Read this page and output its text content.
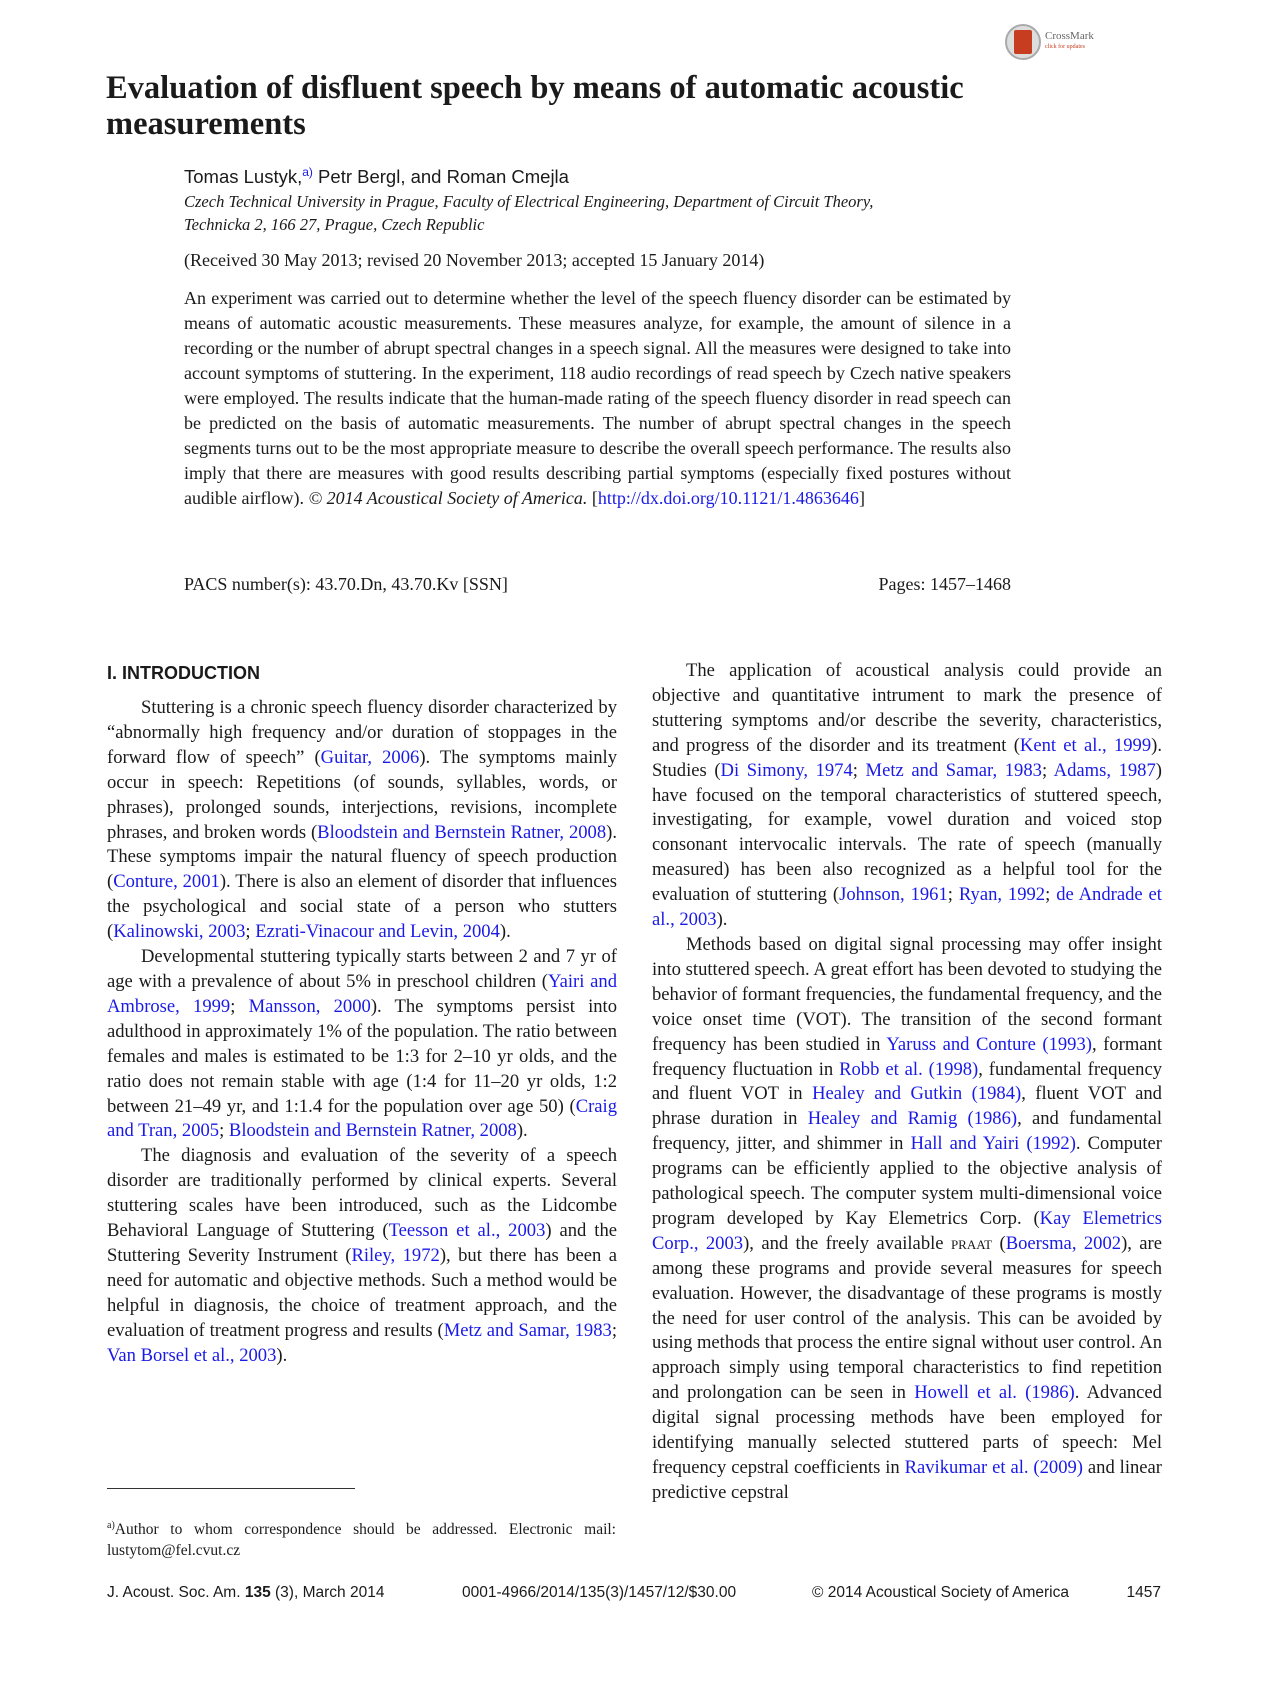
CrossMark
click for updates
Evaluation of disfluent speech by means of automatic acoustic measurements
Tomas Lustyk,$^{a)}$ Petr Bergl, and Roman Cmejla
Czech Technical University in Prague, Faculty of Electrical Engineering, Department of Circuit Theory,
Technicka 2, 166 27, Prague, Czech Republic
(Received 30 May 2013; revised 20 November 2013; accepted 15 January 2014)
An experiment was carried out to determine whether the level of the speech fluency disorder can be estimated by means of automatic acoustic measurements. These measures analyze, for example, the amount of silence in a recording or the number of abrupt spectral changes in a speech signal. All the measures were designed to take into account symptoms of stuttering. In the experiment, 118 audio recordings of read speech by Czech native speakers were employed. The results indicate that the human-made rating of the speech fluency disorder in read speech can be predicted on the basis of automatic measurements. The number of abrupt spectral changes in the speech segments turns out to be the most appropriate measure to describe the overall speech performance. The results also imply that there are measures with good results describing partial symptoms (especially fixed postures without audible airflow). © 2014 Acoustical Society of America. [http://dx.doi.org/10.1121/1.4863646]
PACS number(s): 43.70.Dn, 43.70.Kv [SSN]	Pages: 1457–1468
I. INTRODUCTION

Stuttering is a chronic speech fluency disorder characterized by “abnormally high frequency and/or duration of stoppages in the forward flow of speech” (Guitar, 2006). The symptoms mainly occur in speech: Repetitions (of sounds, syllables, words, or phrases), prolonged sounds, interjections, revisions, incomplete phrases, and broken words (Bloodstein and Bernstein Ratner, 2008). These symptoms impair the natural fluency of speech production (Conture, 2001). There is also an element of disorder that influences the psychological and social state of a person who stutters (Kalinowski, 2003; Ezrati-Vinacour and Levin, 2004).

Developmental stuttering typically starts between 2 and 7 yr of age with a prevalence of about 5% in preschool children (Yairi and Ambrose, 1999; Mansson, 2000). The symptoms persist into adulthood in approximately 1% of the population. The ratio between females and males is estimated to be 1:3 for 2–10 yr olds, and the ratio does not remain stable with age (1:4 for 11–20 yr olds, 1:2 between 21–49 yr, and 1:1.4 for the population over age 50) (Craig and Tran, 2005; Bloodstein and Bernstein Ratner, 2008).

The diagnosis and evaluation of the severity of a speech disorder are traditionally performed by clinical experts. Several stuttering scales have been introduced, such as the Lidcombe Behavioral Language of Stuttering (Teesson et al., 2003) and the Stuttering Severity Instrument (Riley, 1972), but there has been a need for automatic and objective methods. Such a method would be helpful in diagnosis, the choice of treatment approach, and the evaluation of treatment progress and results (Metz and Samar, 1983; Van Borsel et al., 2003).

The application of acoustical analysis could provide an objective and quantitative intrument to mark the presence of stuttering symptoms and/or describe the severity, characteristics, and progress of the disorder and its treatment (Kent et al., 1999). Studies (Di Simony, 1974; Metz and Samar, 1983; Adams, 1987) have focused on the temporal characteristics of stuttered speech, investigating, for example, vowel duration and voiced stop consonant intervocalic intervals. The rate of speech (manually measured) has been also recognized as a helpful tool for the evaluation of stuttering (Johnson, 1961; Ryan, 1992; de Andrade et al., 2003).

Methods based on digital signal processing may offer insight into stuttered speech. A great effort has been devoted to studying the behavior of formant frequencies, the fundamental frequency, and the voice onset time (VOT). The transition of the second formant frequency has been studied in Yaruss and Conture (1993), formant frequency fluctuation in Robb et al. (1998), fundamental frequency and fluent VOT in Healey and Gutkin (1984), fluent VOT and phrase duration in Healey and Ramig (1986), and fundamental frequency, jitter, and shimmer in Hall and Yairi (1992). Computer programs can be efficiently applied to the objective analysis of pathological speech. The computer system multi-dimensional voice program developed by Kay Elemetrics Corp. (Kay Elemetrics Corp., 2003), and the freely available praat (Boersma, 2002), are among these programs and provide several measures for speech evaluation. However, the disadvantage of these programs is mostly the need for user control of the analysis. This can be avoided by using methods that process the entire signal without user control. An approach simply using temporal characteristics to find repetition and prolongation can be seen in Howell et al. (1986). Advanced digital signal processing methods have been employed for identifying manually selected stuttered parts of speech: Mel frequency cepstral coefficients in Ravikumar et al. (2009) and linear predictive cepstral

$^{a)}$Author to whom correspondence should be addressed. Electronic mail: lustytom@fel.cvut.cz
J. Acoust. Soc. Am. 135 (3), March 2014	0001-4966/2014/135(3)/1457/12/$30.00	© 2014 Acoustical Society of America	1457
